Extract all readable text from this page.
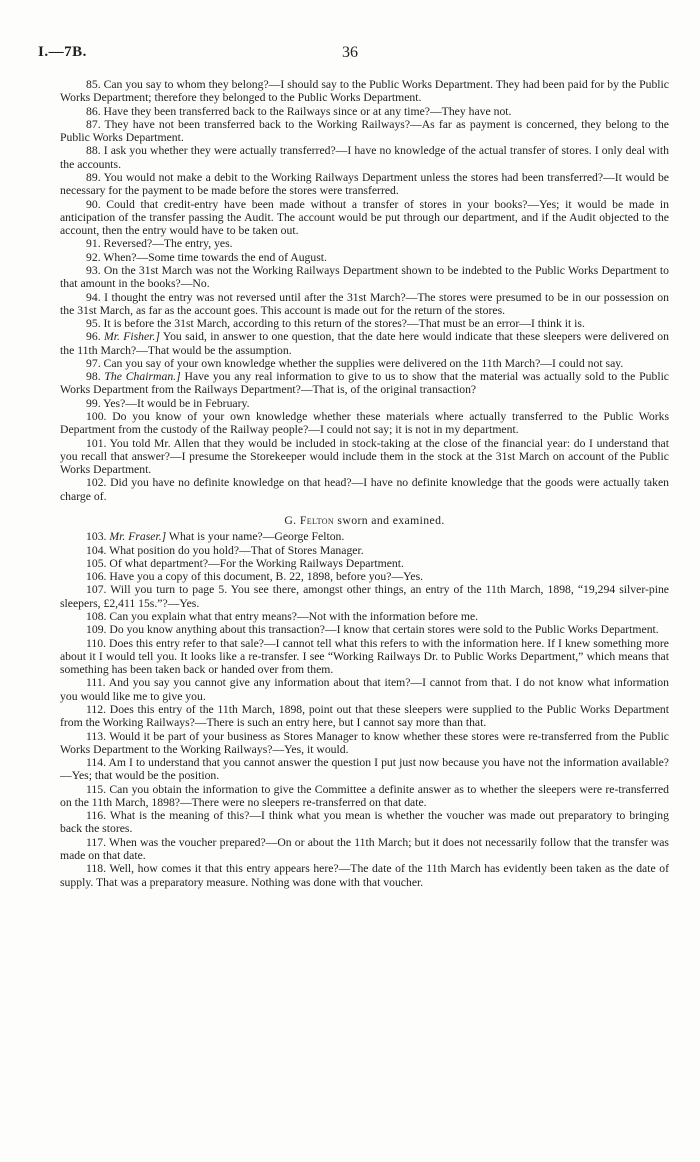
I.—7B.	36

85. Can you say to whom they belong?—I should say to the Public Works Department. They had been paid for by the Public Works Department; therefore they belonged to the Public Works Department.

86. Have they been transferred back to the Railways since or at any time?—They have not.

87. They have not been transferred back to the Working Railways?—As far as payment is concerned, they belong to the Public Works Department.

88. I ask you whether they were actually transferred?—I have no knowledge of the actual transfer of stores. I only deal with the accounts.

89. You would not make a debit to the Working Railways Department unless the stores had been transferred?—It would be necessary for the payment to be made before the stores were transferred.

90. Could that credit-entry have been made without a transfer of stores in your books?—Yes; it would be made in anticipation of the transfer passing the Audit. The account would be put through our department, and if the Audit objected to the account, then the entry would have to be taken out.

91. Reversed?—The entry, yes.

92. When?—Some time towards the end of August.

93. On the 31st March was not the Working Railways Department shown to be indebted to the Public Works Department to that amount in the books?—No.

94. I thought the entry was not reversed until after the 31st March?—The stores were presumed to be in our possession on the 31st March, as far as the account goes. This account is made out for the return of the stores.

95. It is before the 31st March, according to this return of the stores?—That must be an error—I think it is.

96. Mr. Fisher.] You said, in answer to one question, that the date here would indicate that these sleepers were delivered on the 11th March?—That would be the assumption.

97. Can you say of your own knowledge whether the supplies were delivered on the 11th March?—I could not say.

98. The Chairman.] Have you any real information to give to us to show that the material was actually sold to the Public Works Department from the Railways Department?—That is, of the original transaction?

99. Yes?—It would be in February.

100. Do you know of your own knowledge whether these materials where actually transferred to the Public Works Department from the custody of the Railway people?—I could not say; it is not in my department.

101. You told Mr. Allen that they would be included in stock-taking at the close of the financial year: do I understand that you recall that answer?—I presume the Storekeeper would include them in the stock at the 31st March on account of the Public Works Department.

102. Did you have no definite knowledge on that head?—I have no definite knowledge that the goods were actually taken charge of.

G. Felton sworn and examined.

103. Mr. Fraser.] What is your name?—George Felton.

104. What position do you hold?—That of Stores Manager.

105. Of what department?—For the Working Railways Department.

106. Have you a copy of this document, B. 22, 1898, before you?—Yes.

107. Will you turn to page 5. You see there, amongst other things, an entry of the 11th March, 1898, “19,294 silver-pine sleepers, £2,411 15s.”?—Yes.

108. Can you explain what that entry means?—Not with the information before me.

109. Do you know anything about this transaction?—I know that certain stores were sold to the Public Works Department.

110. Does this entry refer to that sale?—I cannot tell what this refers to with the information here. If I knew something more about it I would tell you. It looks like a re-transfer. I see “Working Railways Dr. to Public Works Department,” which means that something has been taken back or handed over from them.

111. And you say you cannot give any information about that item?—I cannot from that. I do not know what information you would like me to give you.

112. Does this entry of the 11th March, 1898, point out that these sleepers were supplied to the Public Works Department from the Working Railways?—There is such an entry here, but I cannot say more than that.

113. Would it be part of your business as Stores Manager to know whether these stores were re-transferred from the Public Works Department to the Working Railways?—Yes, it would.

114. Am I to understand that you cannot answer the question I put just now because you have not the information available?—Yes; that would be the position.

115. Can you obtain the information to give the Committee a definite answer as to whether the sleepers were re-transferred on the 11th March, 1898?—There were no sleepers re-transferred on that date.

116. What is the meaning of this?—I think what you mean is whether the voucher was made out preparatory to bringing back the stores.

117. When was the voucher prepared?—On or about the 11th March; but it does not necessarily follow that the transfer was made on that date.

118. Well, how comes it that this entry appears here?—The date of the 11th March has evidently been taken as the date of supply. That was a preparatory measure. Nothing was done with that voucher.
